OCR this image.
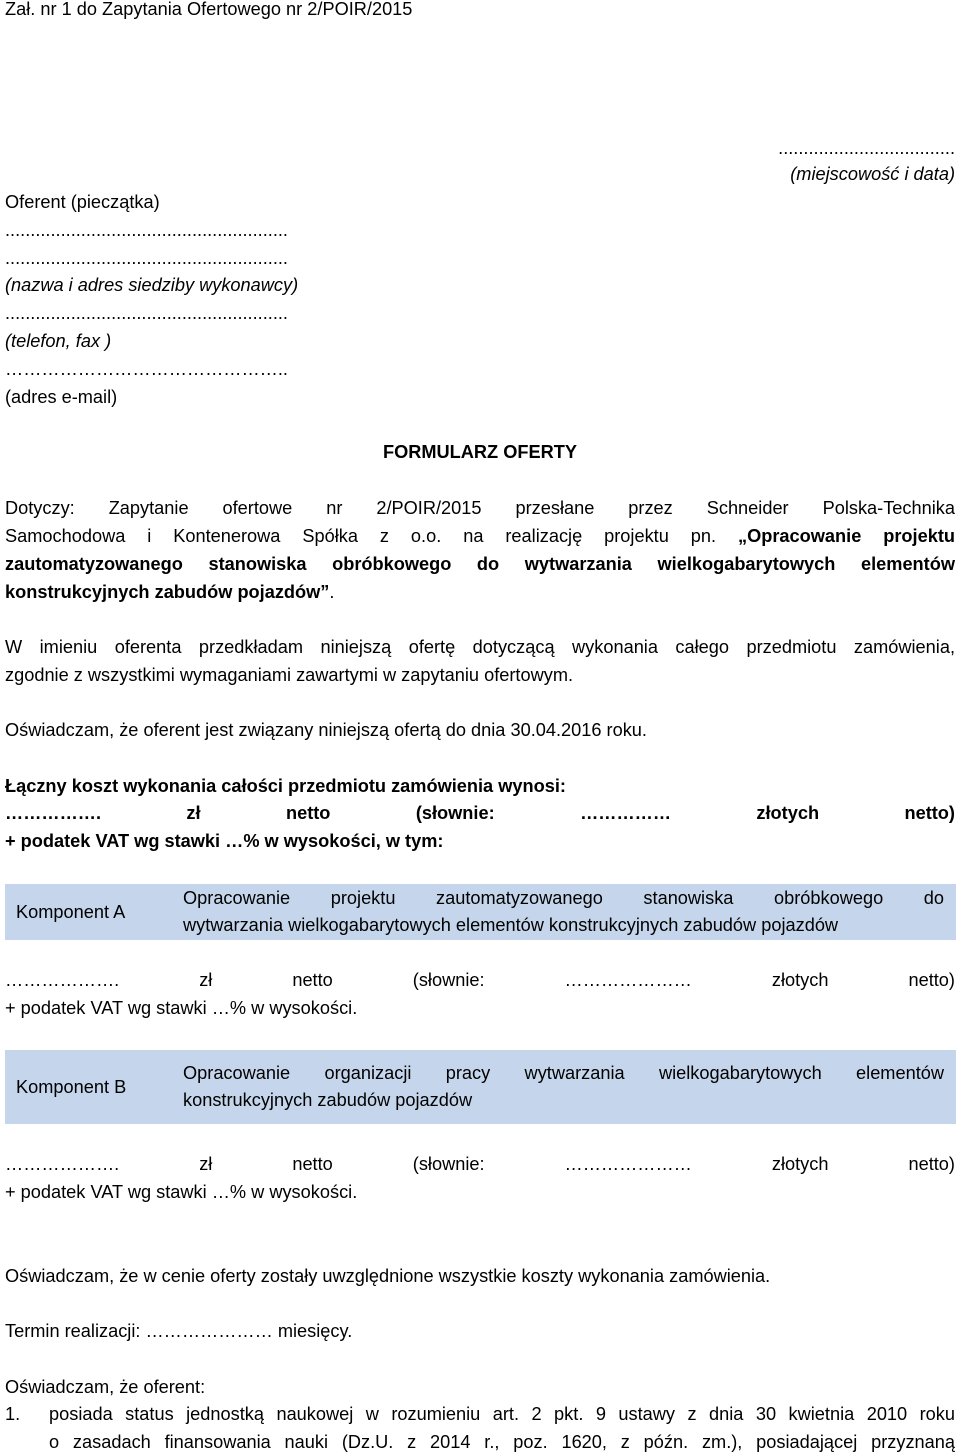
Zał. nr 1 do Zapytania Ofertowego nr 2/POIR/2015
...................................
(miejscowość i data)
Oferent (pieczątka)
........................................................
........................................................
(nazwa i adres siedziby wykonawcy)
........................................................
(telefon, fax )
………………………………………..
(adres e-mail)
FORMULARZ OFERTY
Dotyczy: Zapytanie ofertowe nr 2/POIR/2015 przesłane przez Schneider Polska-Technika
Samochodowa i Kontenerowa Spółka z o.o. na realizację projektu pn. „Opracowanie projektu
zautomatyzowanego stanowiska obróbkowego do wytwarzania wielkogabarytowych elementów
konstrukcyjnych zabudów pojazdów”.
W imieniu oferenta przedkładam niniejszą ofertę dotyczącą wykonania całego przedmiotu zamówienia,
zgodnie z wszystkimi wymaganiami zawartymi w zapytaniu ofertowym.
Oświadczam, że oferent jest związany niniejszą ofertą do dnia 30.04.2016 roku.
Łączny koszt wykonania całości przedmiotu zamówienia wynosi:
…………….	zł	netto	(słownie:	……………	złotych	netto)
+ podatek VAT wg stawki …% w wysokości, w tym:
Komponent A
Opracowanie projektu zautomatyzowanego stanowiska obróbkowego do
wytwarzania wielkogabarytowych elementów konstrukcyjnych zabudów pojazdów
……………….	zł	netto	(słownie:	…………………	złotych	netto)
+ podatek VAT wg stawki …% w wysokości.
Komponent B
Opracowanie organizacji pracy wytwarzania wielkogabarytowych elementów
konstrukcyjnych zabudów pojazdów
……………….	zł	netto	(słownie:	…………………	złotych	netto)
+ podatek VAT wg stawki …% w wysokości.
Oświadczam, że w cenie oferty zostały uwzględnione wszystkie koszty wykonania zamówienia.
Termin realizacji: ………………… miesięcy.
Oświadczam, że oferent:
1. posiada status jednostką naukowej w rozumieniu art. 2 pkt. 9 ustawy z dnia 30 kwietnia 2010 roku
o zasadach finansowania nauki (Dz.U. z 2014 r., poz. 1620, z późn. zm.), posiadającej przyznaną
